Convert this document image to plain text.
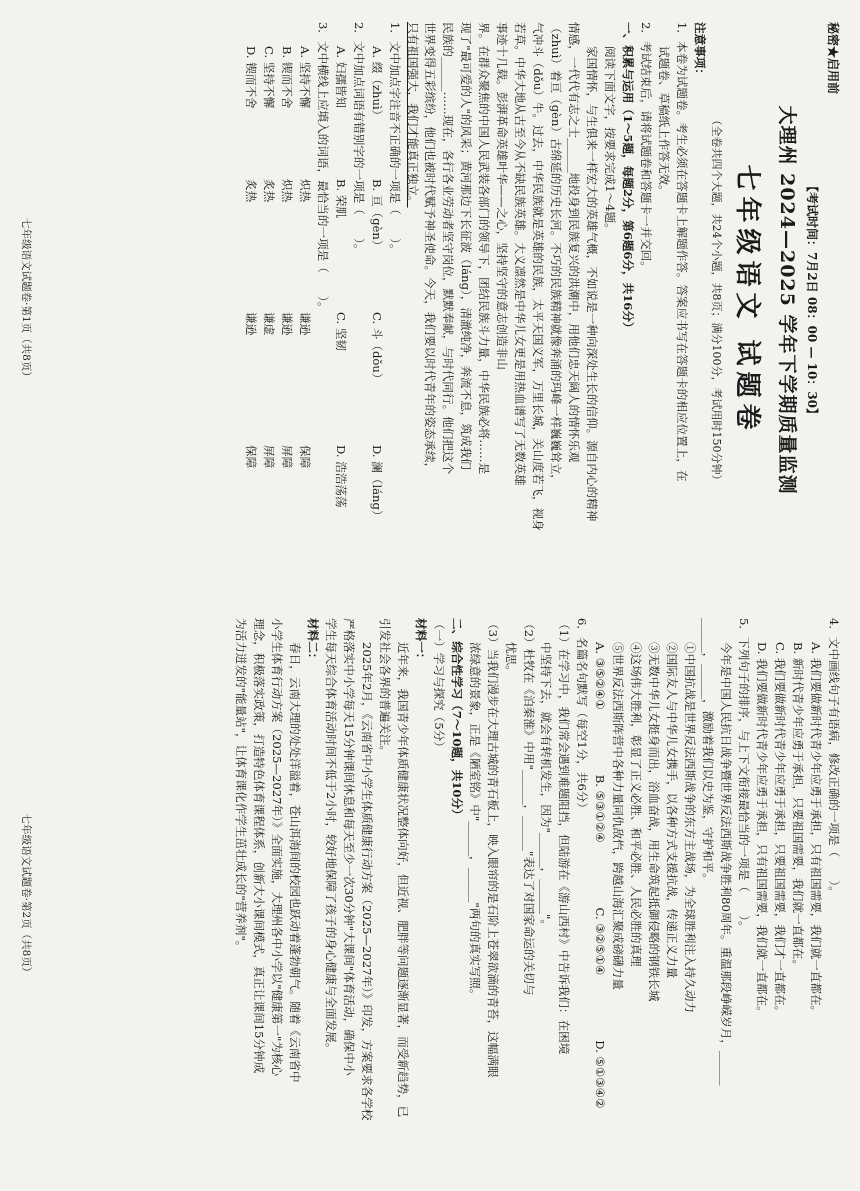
秘密★启用前
【考试时间：7月2日 08：00 — 10：30】
大理州 2024—2025 学年下学期质量监测
七年级语文 试题卷
（全卷共四个大题，共24个小题，共8页；满分100分，考试用时150分钟）
注意事项：
1．本卷为试题卷。考生必须在答题卡上解题作答。答案应书写在答题卡的相应位置上，在
试题卷、草稿纸上作答无效。
2．考试结束后，请将试题卷和答题卡一并交回。
一、积累与运用（1～5题，每题2分，第6题6分，共16分）
阅读下面文字，按要求完成1～4题。
家国情怀，与生俱来一样宏大的英雄气概，不如说是一种向深处生长的信仰。源自内心的精神
情感，一代代有志之士______地投身到民族复兴的洪潮中，用他们忠天阔人的情怀乐观
（zhuì）着亘（gèn）古绵延的历史长河。不巧的民族精神就像奔涌的玛峰一样巍巍耸立，
气冲斗（dǒu）牛。过去，中华民族就是英雄的民族，太平天国义军，万里长城，关山度若飞，视身
若草。中华大地从古至今从不缺民族英雄。大义凛然是中华儿女更是用热血谱写了无数英雄
事迹十几载。彭湃革命英雄叶华——之心，坚持坚守的意志创造非山
界。在群众聚焦的中国人民武装各部门的领导下，团结民族斗力量，中华民族必将……是
现了"最可爱的人"的风采；黄河那边下长征波（láng），清澈纯净，奔流不息，筑成我们
民族的______……现在，各行各业劳动者坚守岗位，默默奉献，与时代同行。他们把这个
世界变得五彩缤纷，他们也被时代赋予神圣使命。今天，我们要以时代青年的姿态承续，
只有祖国强大，我们才能真正独立。
1．文中加点字注音不正确的一项是（　　）。
A. 缀（zhuì）
B. 亘（gèn）
C. 斗（dǒu）
D. 澜（láng）
2．文中加点词语有错别字的一项是（　　）。
A. 妇孺皆知
B. 荣肌
C. 坚韧
D. 浩浩荡荡
3．文中横线上应填入的词语，最恰当的一项是（　　）。
A. 坚持不懈
炽热
谦逊
保障
B. 锲而不舍
炽热
谦逊
屏障
C. 坚持不懈
炙热
谦虚
屏障
D. 锲而不舍
炙热
谦逊
保障
七年级语文试题卷·第1页（共8页）
4．文中画线句子有语病，修改正确的一项是（　　）。
A. 我们要做新时代青少年应勇于承担，只有祖国需要，我们就一直都在。
B. 新时代青少年应勇于承担，只要祖国需要，我们就一直都在。
C. 我们要做新时代青少年应勇于承担，只要祖国需要，我们才一直都在。
D. 我们要做新时代青少年应勇于承担，只有祖国需要，我们就一直都在。
5．下列句子的排序，与上下文衔接最恰当的一项是（　　）。
今年是中国人民抗日战争暨世界反法西斯战争胜利80周年。重温那段峥嵘岁月，______
______，______，激励着我们以史为鉴，守护和平。
①中国抗战是世界反法西斯战争的东方主战场，为全球胜利注入持久动力
②国际友人与中华儿女携手，以各种方式支援抗战，传递正义力量
③无数中华儿女挺身而出，浴血奋战，用生命筑起抵御侵略的钢铁长城
④这场伟大胜利，彰显了正义必胜、和平必胜、人民必胜的真理
⑤世界反法西斯阵营中各种力量同仇敌忾，跨越山海汇聚成磅礴力量
A. ③⑤②④①
B. ⑤③①②④
C. ③②⑤①④
D. ⑤①③④②
6．名篇名句默写（每空1分，共6分）
（1）在学习中，我们常会遇到难题阻挡，但陆游在《游山西村》中告诉我们：在困境
中坚持下去，就会有转机发生，因为"______，______"。
（2）杜牧在《泊秦淮》中用"______，______"表达了对国家命运的关切与
忧思。
（3）当我们漫步在大理古城的青石板上，映入眼帘的是石阶上苍翠欲滴的青苔，这幅满眼
浓绿意的景象，正是《陋室铭》中"______，______"两句的真实写照。
二、综合性学习（7～10题，共10分）
（一）学习与探究（5分）
材料一：
近年来，我国青少年体质健康状况整体向好，但近视、肥胖等问题逐渐显著，而受新趋势，已
引发社会各界的普遍关注。
2025年2月，《云南省中小学生体质健康行动方案（2025—2027年）》印发，方案要求各学校
严格落实中小学每天15分钟课间休息和每天至少一次30分钟"大课间"体育活动，确保中小
学生每天综合体育活动时间不低于2小时，较好地保障了孩子的身心健康与全面发展。
材料二：
春日，云南大理的处处洋溢着，苍山洱海间的校园也跃动着蓬勃朝气。随着《云南省中
小学生体育行动方案（2025—2027年）》全面实施，大理州各中小学以"健康第一"为核心
理念，积极落实政策，打造特色体育课程体系，创新大小课间模式，真正让课间15分钟成
为活力迸发的"能量站"，让体育课化作学生茁壮成长的"营养剂"。
七年级语文试题卷·第2页（共8页）
